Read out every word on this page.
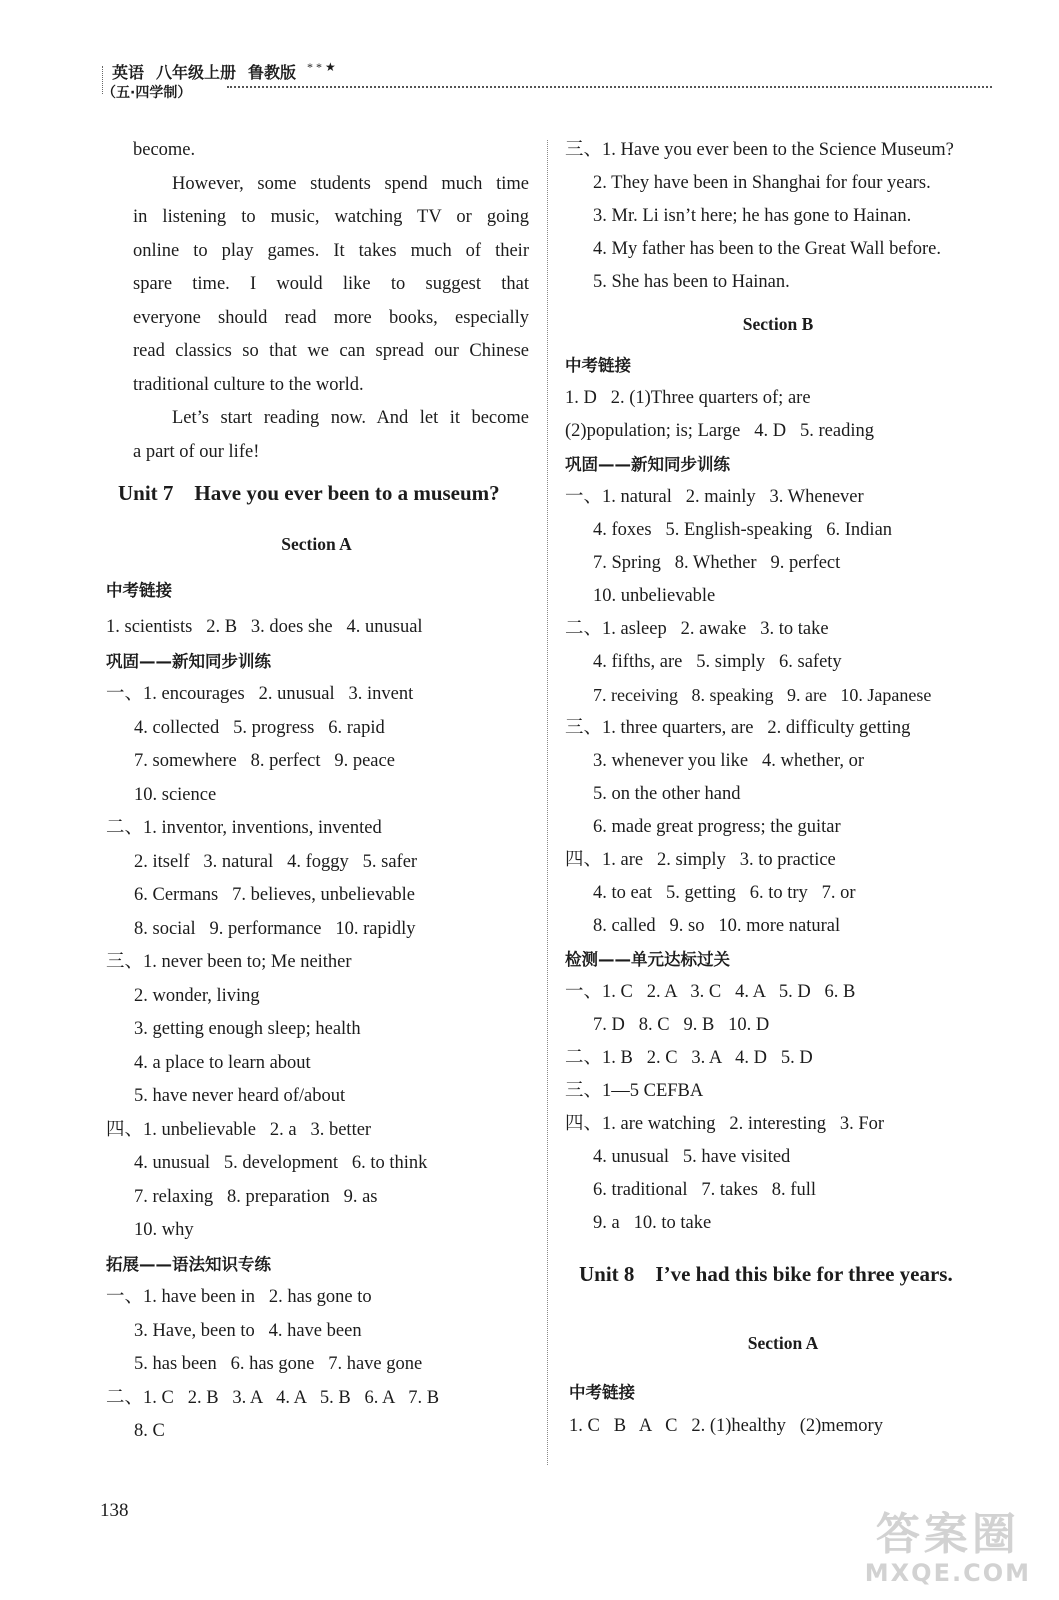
英语 八年级上册 鲁教版 * * ★
（五·四学制）
become.
However, some students spend much time
in listening to music, watching TV or going
online to play games. It takes much of their
spare time. I would like to suggest that
everyone should read more books, especially
read classics so that we can spread our Chinese
traditional culture to the world.
Let’s start reading now. And let it become
a part of our life!
Unit 7    Have you ever been to a museum?
Section A
中考链接
1. scientists   2. B   3. does she   4. unusual
巩固——新知同步训练
一、1. encourages   2. unusual   3. invent
4. collected   5. progress   6. rapid
7. somewhere   8. perfect   9. peace
10. science
二、1. inventor, inventions, invented
2. itself   3. natural   4. foggy   5. safer
6. Cermans   7. believes, unbelievable
8. social   9. performance   10. rapidly
三、1. never been to; Me neither
2. wonder, living
3. getting enough sleep; health
4. a place to learn about
5. have never heard of/about
四、1. unbelievable   2. a   3. better
4. unusual   5. development   6. to think
7. relaxing   8. preparation   9. as
10. why
拓展——语法知识专练
一、1. have been in   2. has gone to
3. Have, been to   4. have been
5. has been   6. has gone   7. have gone
二、1. C   2. B   3. A   4. A   5. B   6. A   7. B
8. C
三、1. Have you ever been to the Science Museum?
2. They have been in Shanghai for four years.
3. Mr. Li isn’t here; he has gone to Hainan.
4. My father has been to the Great Wall before.
5. She has been to Hainan.
Section B
中考链接
1. D   2. (1)Three quarters of; are
(2)population; is; Large   4. D   5. reading
巩固——新知同步训练
一、1. natural   2. mainly   3. Whenever
4. foxes   5. English-speaking   6. Indian
7. Spring   8. Whether   9. perfect
10. unbelievable
二、1. asleep   2. awake   3. to take
4. fifths, are   5. simply   6. safety
7. receiving   8. speaking   9. are   10. Japanese
三、1. three quarters, are   2. difficulty getting
3. whenever you like   4. whether, or
5. on the other hand
6. made great progress; the guitar
四、1. are   2. simply   3. to practice
4. to eat   5. getting   6. to try   7. or
8. called   9. so   10. more natural
检测——单元达标过关
一、1. C   2. A   3. C   4. A   5. D   6. B
7. D   8. C   9. B   10. D
二、1. B   2. C   3. A   4. D   5. D
三、1—5 CEFBA
四、1. are watching   2. interesting   3. For
4. unusual   5. have visited
6. traditional   7. takes   8. full
9. a   10. to take
Unit 8    I’ve had this bike for three years.
Section A
中考链接
1. C   B   A   C   2. (1)healthy   (2)memory
138	答案圈
MXQE.COM
